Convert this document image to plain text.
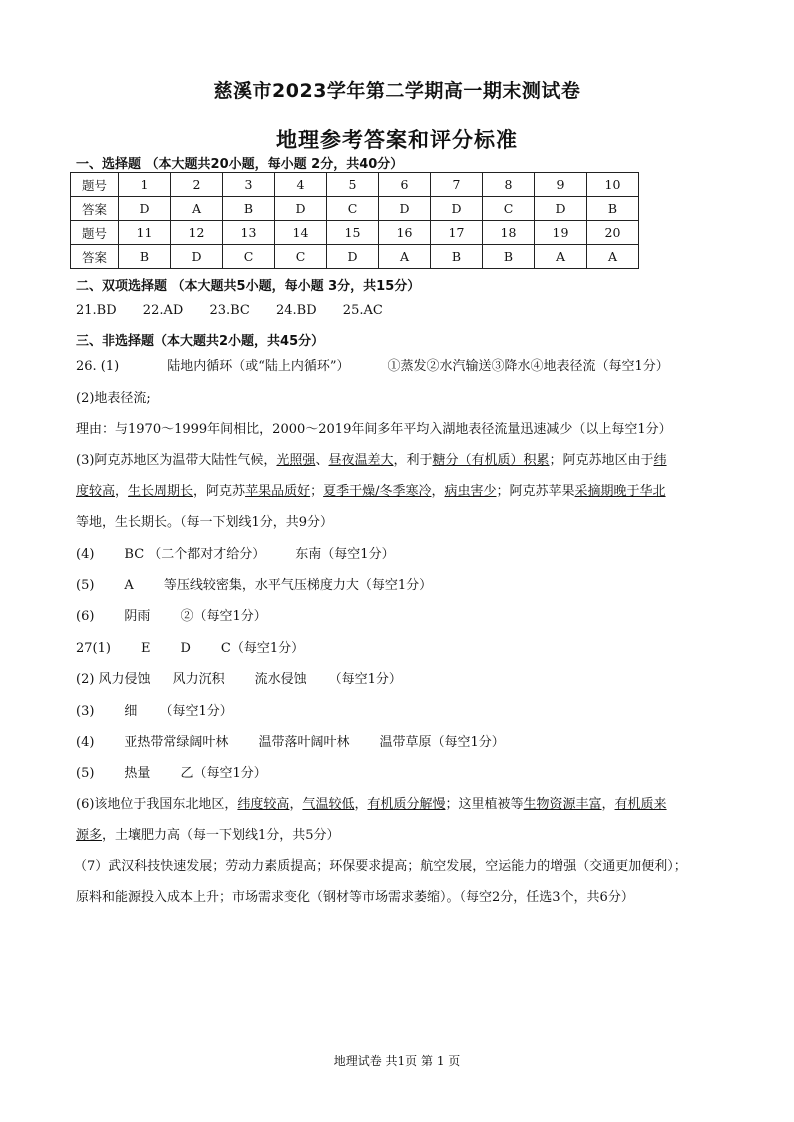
慈溪市2023学年第二学期高一期末测试卷
地理参考答案和评分标准
一、选择题 （本大题共20小题，每小题 2分，共40分）
题号	1	2	3	4	5	6	7	8	9	10
答案	D	A	B	D	C	D	D	C	D	B
题号	11	12	13	14	15	16	17	18	19	20
答案	B	D	C	C	D	A	B	B	A	A
二、双项选择题 （本大题共5小题，每小题 3分，共15分）
21.BD 22.AD 23.BC 24.BD 25.AC
三、非选择题（本大题共2小题，共45分）
26. (1)	陆地内循环（或“陆上内循环”）	①蒸发②水汽输送③降水④地表径流（每空1分）
(2)地表径流;
理由：与1970～1999年间相比，2000～2019年间多年平均入湖地表径流量迅速减少（以上每空1分）
(3)阿克苏地区为温带大陆性气候，光照强、昼夜温差大，利于糖分（有机质）积累；阿克苏地区由于纬
度较高，生长周期长，阿克苏苹果品质好；夏季干燥/冬季寒冷，病虫害少；阿克苏苹果采摘期晚于华北
等地，生长期长。（每一下划线1分，共9分）
(4) BC （二个都对才给分） 东南（每空1分）
(5) A 等压线较密集，水平气压梯度力大（每空1分）
(6) 阴雨 ②（每空1分）
27(1) E D C（每空1分）
(2) 风力侵蚀 风力沉积 流水侵蚀 （每空1分）
(3) 细 （每空1分）
(4) 亚热带常绿阔叶林 温带落叶阔叶林 温带草原（每空1分）
(5) 热量 乙（每空1分）
(6)该地位于我国东北地区，纬度较高，气温较低，有机质分解慢；这里植被等生物资源丰富，有机质来
源多，土壤肥力高（每一下划线1分，共5分）
（7）武汉科技快速发展；劳动力素质提高；环保要求提高；航空发展，空运能力的增强（交通更加便利）；
原料和能源投入成本上升；市场需求变化（钢材等市场需求萎缩）。（每空2分，任选3个，共6分）
地理试卷 共1页 第 1 页
